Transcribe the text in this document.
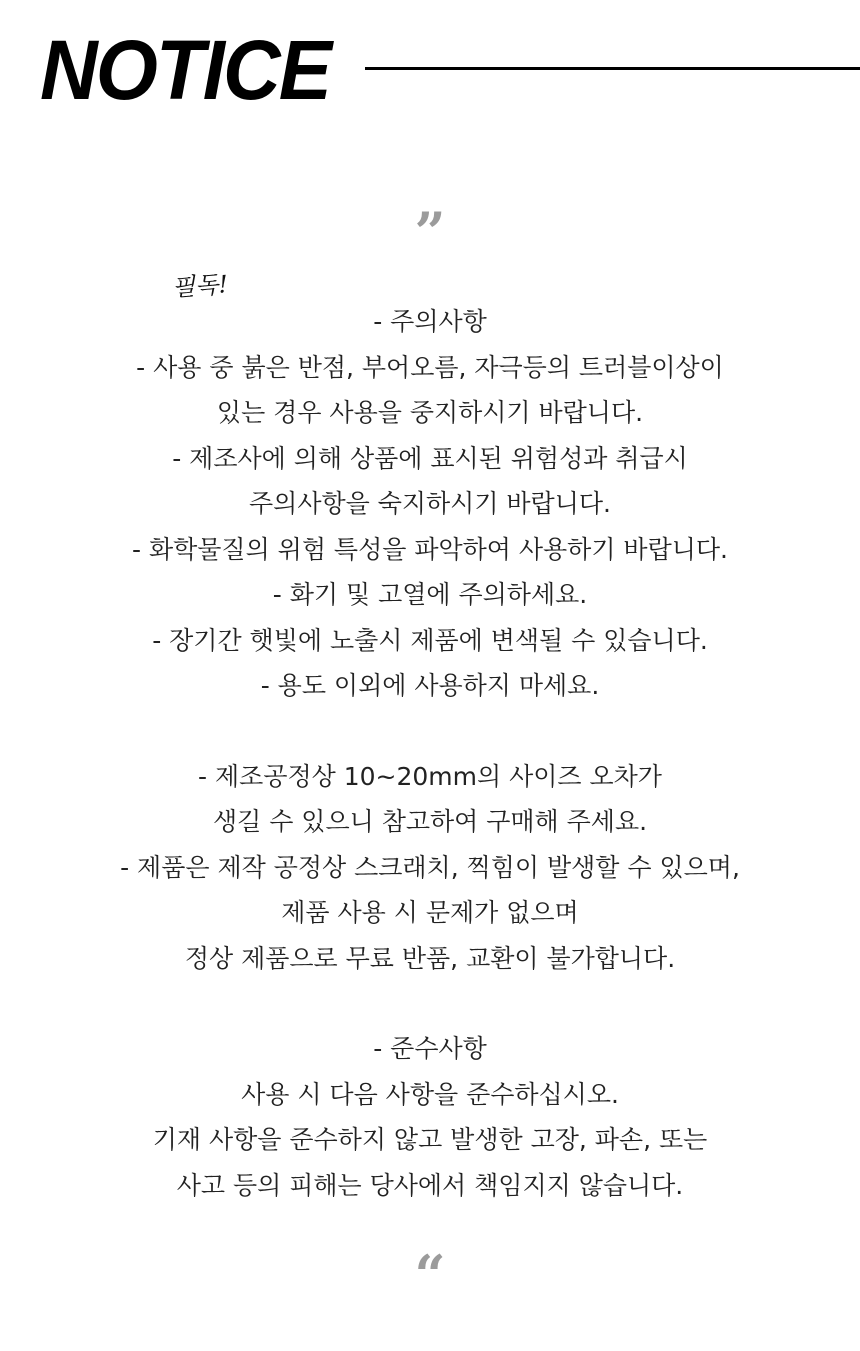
NOTICE
”
필독!
- 주의사항
- 사용 중 붉은 반점, 부어오름, 자극등의 트러블이상이
있는 경우 사용을 중지하시기 바랍니다.
- 제조사에 의해 상품에 표시된 위험성과 취급시
주의사항을 숙지하시기 바랍니다.
- 화학물질의 위험 특성을 파악하여 사용하기 바랍니다.
- 화기 및 고열에 주의하세요.
- 장기간 햇빛에 노출시 제품에 변색될 수 있습니다.
- 용도 이외에 사용하지 마세요.
- 제조공정상 10~20mm의 사이즈 오차가
생길 수 있으니 참고하여 구매해 주세요.
- 제품은 제작 공정상 스크래치, 찍힘이 발생할 수 있으며,
제품 사용 시 문제가 없으며
정상 제품으로 무료 반품, 교환이 불가합니다.
- 준수사항
사용 시 다음 사항을 준수하십시오.
기재 사항을 준수하지 않고 발생한 고장, 파손, 또는
사고 등의 피해는 당사에서 책임지지 않습니다.
“
